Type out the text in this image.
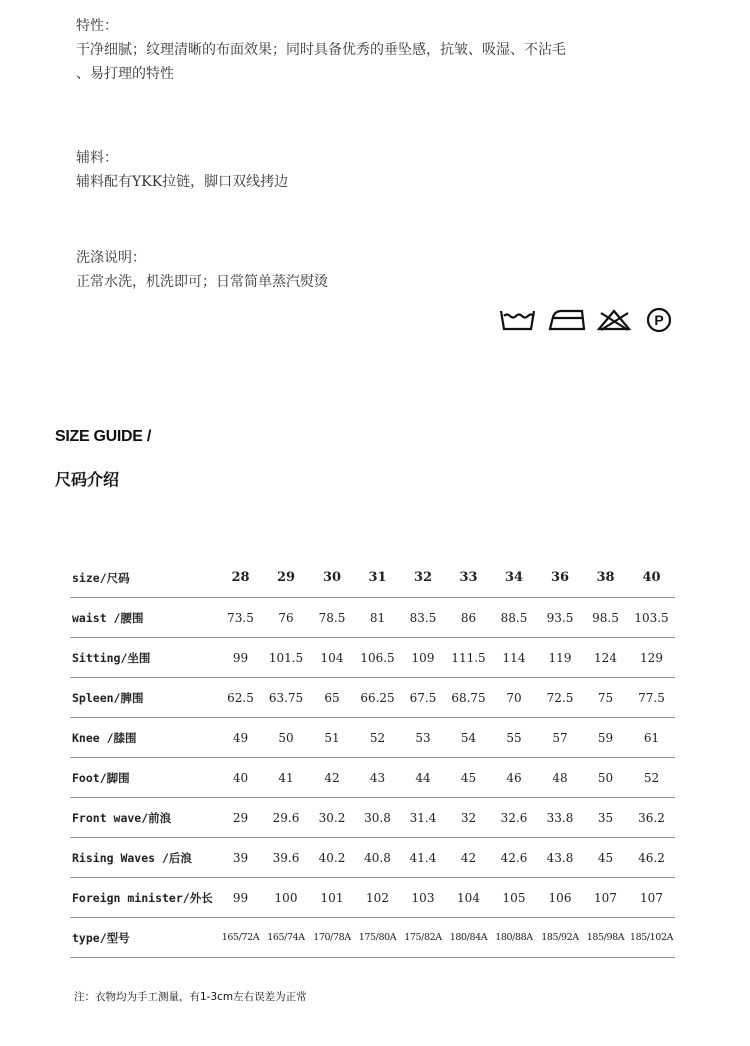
特性：
干净细腻；纹理清晰的布面效果；同时具备优秀的垂坠感，抗皱、吸湿、不沾毛
、易打理的特性
辅料：
辅料配有YKK拉链，脚口双线拷边
洗涤说明：
正常水洗，机洗即可；日常简单蒸汽熨烫
P
SIZE GUIDE /
尺码介绍
size/尺码	28	29	30	31	32	33	34	36	38	40
waist /腰围	73.5	76	78.5	81	83.5	86	88.5	93.5	98.5	103.5
Sitting/坐围	99	101.5	104	106.5	109	111.5	114	119	124	129
Spleen/脾围	62.5	63.75	65	66.25	67.5	68.75	70	72.5	75	77.5
Knee /膝围	49	50	51	52	53	54	55	57	59	61
Foot/脚围	40	41	42	43	44	45	46	48	50	52
Front wave/前浪	29	29.6	30.2	30.8	31.4	32	32.6	33.8	35	36.2
Rising Waves /后浪	39	39.6	40.2	40.8	41.4	42	42.6	43.8	45	46.2
Foreign minister/外长	99	100	101	102	103	104	105	106	107	107
type/型号	165/72A	165/74A	170/78A	175/80A	175/82A	180/84A	180/88A	185/92A	185/98A	185/102A
注：衣物均为手工测量，有1-3cm左右误差为正常
